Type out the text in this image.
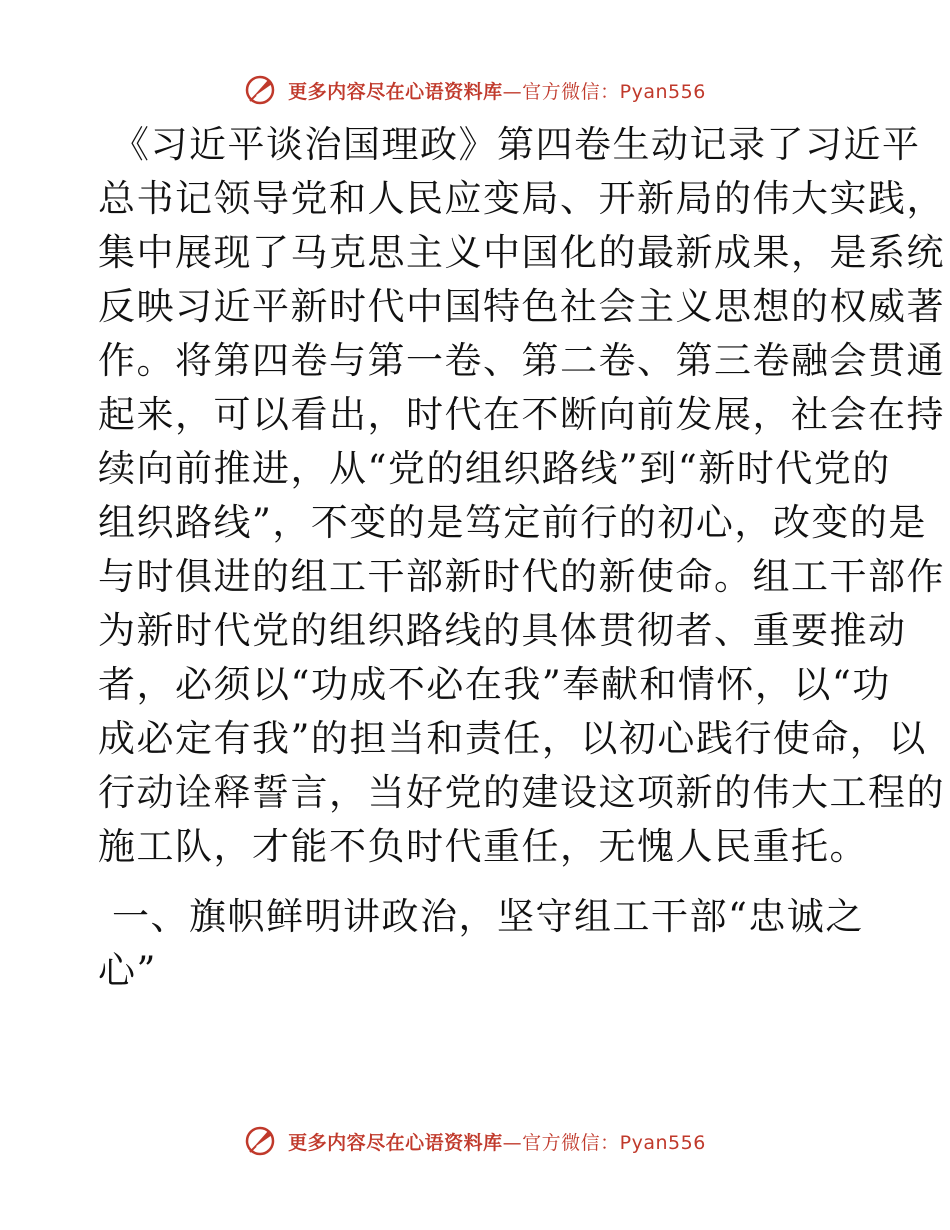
更多内容尽在心语资料库 —官方微信：Pyan556
《习近平谈治国理政》第四卷生动记录了习近平
总书记领导党和人民应变局、开新局的伟大实践，
集中展现了马克思主义中国化的最新成果，是系统
反映习近平新时代中国特色社会主义思想的权威著
作。将第四卷与第一卷、第二卷、第三卷融会贯通
起来，可以看出，时代在不断向前发展，社会在持
续向前推进，从“党的组织路线”到“新时代党的
组织路线”，不变的是笃定前行的初心，改变的是
与时俱进的组工干部新时代的新使命。组工干部作
为新时代党的组织路线的具体贯彻者、重要推动
者，必须以“功成不必在我”奉献和情怀，以“功
成必定有我”的担当和责任，以初心践行使命，以
行动诠释誓言，当好党的建设这项新的伟大工程的
施工队，才能不负时代重任，无愧人民重托。
一、旗帜鲜明讲政治，坚守组工干部“忠诚之
心”
更多内容尽在心语资料库 —官方微信：Pyan556
